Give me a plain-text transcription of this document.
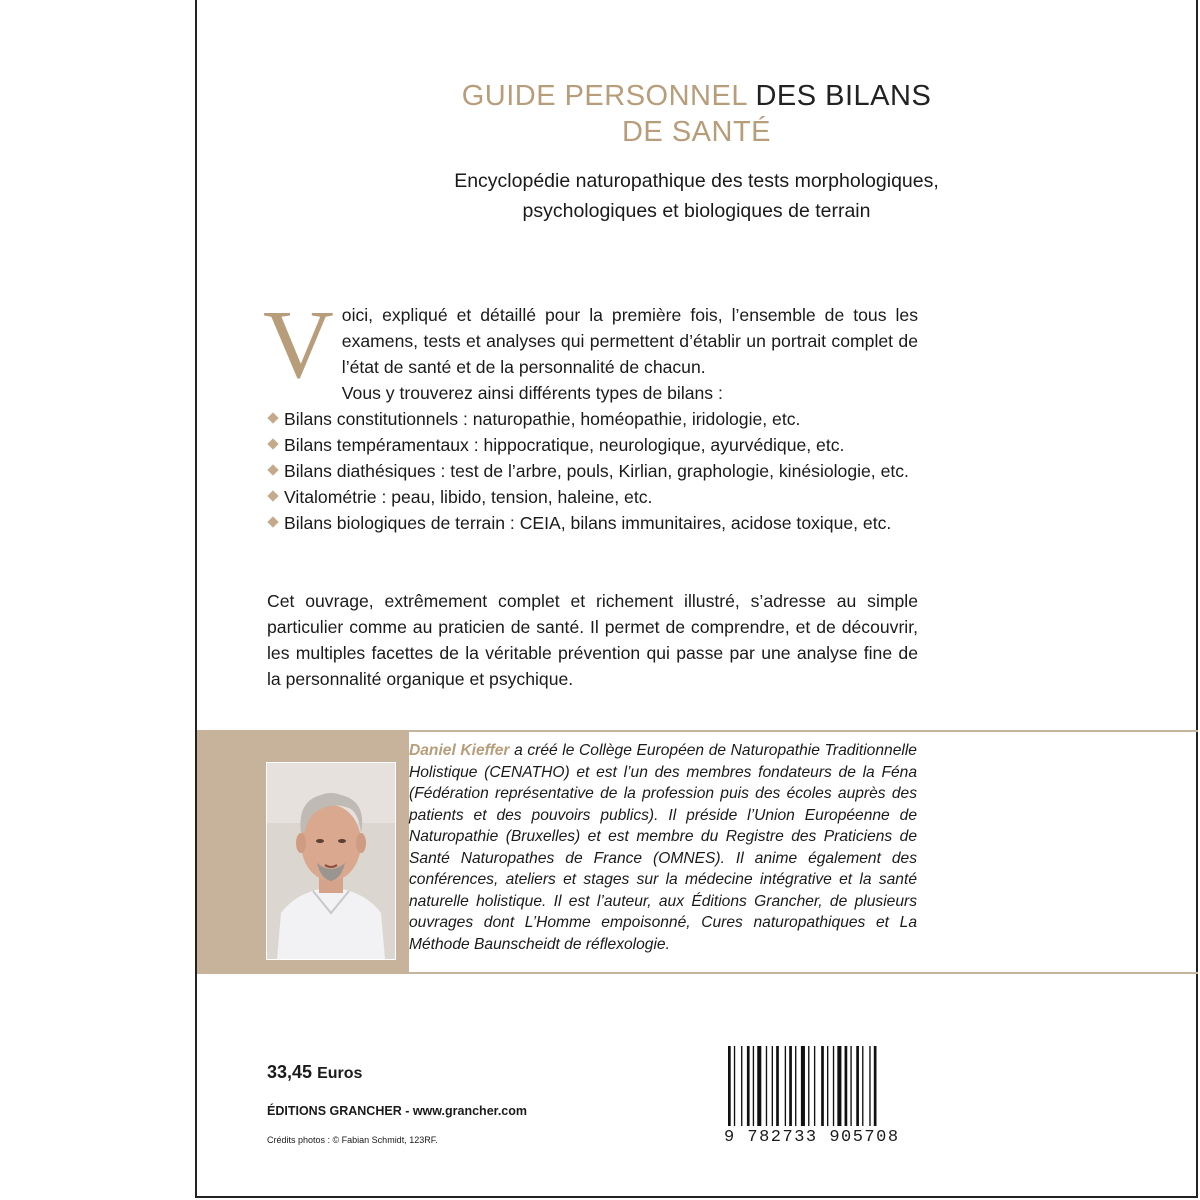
GUIDE PERSONNEL DES BILANS
DE SANTÉ
Encyclopédie naturopathique des tests morphologiques,
psychologiques et biologiques de terrain
V oici, expliqué et détaillé pour la première fois, l’ensemble de tous les examens, tests et analyses qui permettent d’établir un portrait complet de l’état de santé et de la personnalité de chacun.
Vous y trouverez ainsi différents types de bilans :
Bilans constitutionnels : naturopathie, homéopathie, iridologie, etc.
Bilans tempéramentaux : hippocratique, neurologique, ayurvédique, etc.
Bilans diathésiques : test de l’arbre, pouls, Kirlian, graphologie, kinésiologie, etc.
Vitalométrie : peau, libido, tension, haleine, etc.
Bilans biologiques de terrain : CEIA, bilans immunitaires, acidose toxique, etc.
Cet ouvrage, extrêmement complet et richement illustré, s’adresse au simple particulier comme au praticien de santé. Il permet de comprendre, et de découvrir, les multiples facettes de la véritable prévention qui passe par une analyse fine de la personnalité organique et psychique.
Daniel Kieffer a créé le Collège Européen de Naturopathie Traditionnelle Holistique (CENATHO) et est l’un des membres fondateurs de la Féna (Fédération représentative de la profession puis des écoles auprès des patients et des pouvoirs publics). Il préside l’Union Européenne de Naturopathie (Bruxelles) et est membre du Registre des Praticiens de Santé Naturopathes de France (OMNES). Il anime également des conférences, ateliers et stages sur la médecine intégrative et la santé naturelle holistique. Il est l’auteur, aux Éditions Grancher, de plusieurs ouvrages dont L’Homme empoisonné, Cures naturopathiques et La Méthode Baunscheidt de réflexologie.
33,45 Euros
ÉDITIONS GRANCHER - www.grancher.com
Crédits photos : © Fabian Schmidt, 123RF.	9 782733 905708
